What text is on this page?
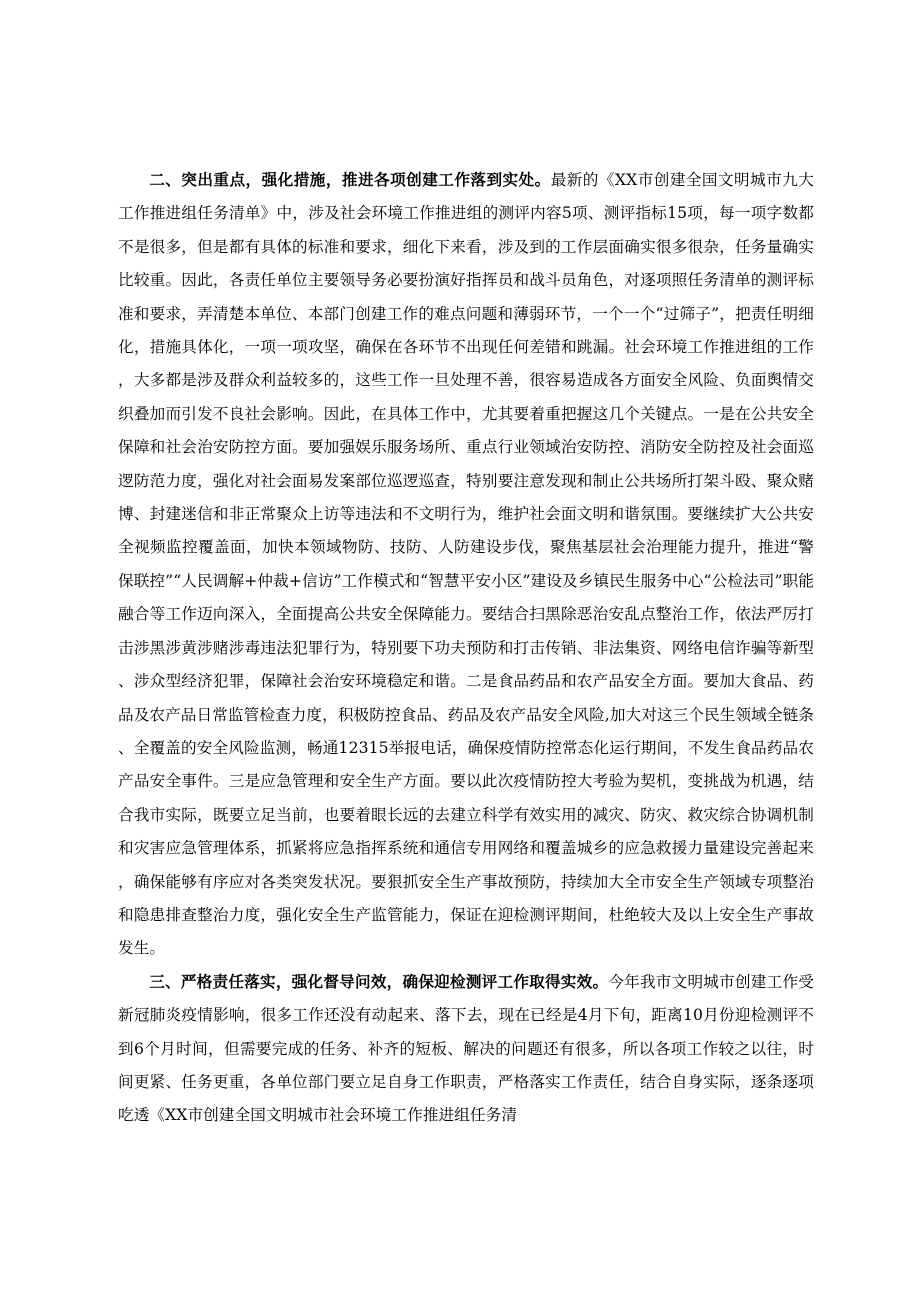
二、突出重点，强化措施，推进各项创建工作落到实处。最新的《XX市创建全国文明城市九大工作推进组任务清单》中，涉及社会环境工作推进组的测评内容5项、测评指标15项，每一项字数都不是很多，但是都有具体的标准和要求，细化下来看，涉及到的工作层面确实很多很杂，任务量确实比较重。因此，各责任单位主要领导务必要扮演好指挥员和战斗员角色，对逐项照任务清单的测评标准和要求，弄清楚本单位、本部门创建工作的难点问题和薄弱环节，一个一个“过筛子”，把责任明细化，措施具体化，一项一项攻坚，确保在各环节不出现任何差错和跳漏。社会环境工作推进组的工作，大多都是涉及群众利益较多的，这些工作一旦处理不善，很容易造成各方面安全风险、负面舆情交织叠加而引发不良社会影响。因此，在具体工作中，尤其要着重把握这几个关键点。一是在公共安全保障和社会治安防控方面。要加强娱乐服务场所、重点行业领域治安防控、消防安全防控及社会面巡逻防范力度，强化对社会面易发案部位巡逻巡查，特别要注意发现和制止公共场所打架斗殴、聚众赌博、封建迷信和非正常聚众上访等违法和不文明行为，维护社会面文明和谐氛围。要继续扩大公共安全视频监控覆盖面，加快本领域物防、技防、人防建设步伐，聚焦基层社会治理能力提升，推进“警保联控”“人民调解+仲裁+信访”工作模式和“智慧平安小区”建设及乡镇民生服务中心“公检法司”职能融合等工作迈向深入，全面提高公共安全保障能力。要结合扫黑除恶治安乱点整治工作，依法严厉打击涉黑涉黄涉赌涉毒违法犯罪行为，特别要下功夫预防和打击传销、非法集资、网络电信诈骗等新型、涉众型经济犯罪，保障社会治安环境稳定和谐。二是食品药品和农产品安全方面。要加大食品、药品及农产品日常监管检查力度，积极防控食品、药品及农产品安全风险,加大对这三个民生领域全链条、全覆盖的安全风险监测，畅通12315举报电话，确保疫情防控常态化运行期间，不发生食品药品农产品安全事件。三是应急管理和安全生产方面。要以此次疫情防控大考验为契机，变挑战为机遇，结合我市实际，既要立足当前，也要着眼长远的去建立科学有效实用的减灾、防灾、救灾综合协调机制和灾害应急管理体系，抓紧将应急指挥系统和通信专用网络和覆盖城乡的应急救援力量建设完善起来，确保能够有序应对各类突发状况。要狠抓安全生产事故预防，持续加大全市安全生产领域专项整治和隐患排查整治力度，强化安全生产监管能力，保证在迎检测评期间，杜绝较大及以上安全生产事故发生。

三、严格责任落实，强化督导问效，确保迎检测评工作取得实效。今年我市文明城市创建工作受新冠肺炎疫情影响，很多工作还没有动起来、落下去，现在已经是4月下旬，距离10月份迎检测评不到6个月时间，但需要完成的任务、补齐的短板、解决的问题还有很多，所以各项工作较之以往，时间更紧、任务更重，各单位部门要立足自身工作职责，严格落实工作责任，结合自身实际，逐条逐项吃透《XX市创建全国文明城市社会环境工作推进组任务清
